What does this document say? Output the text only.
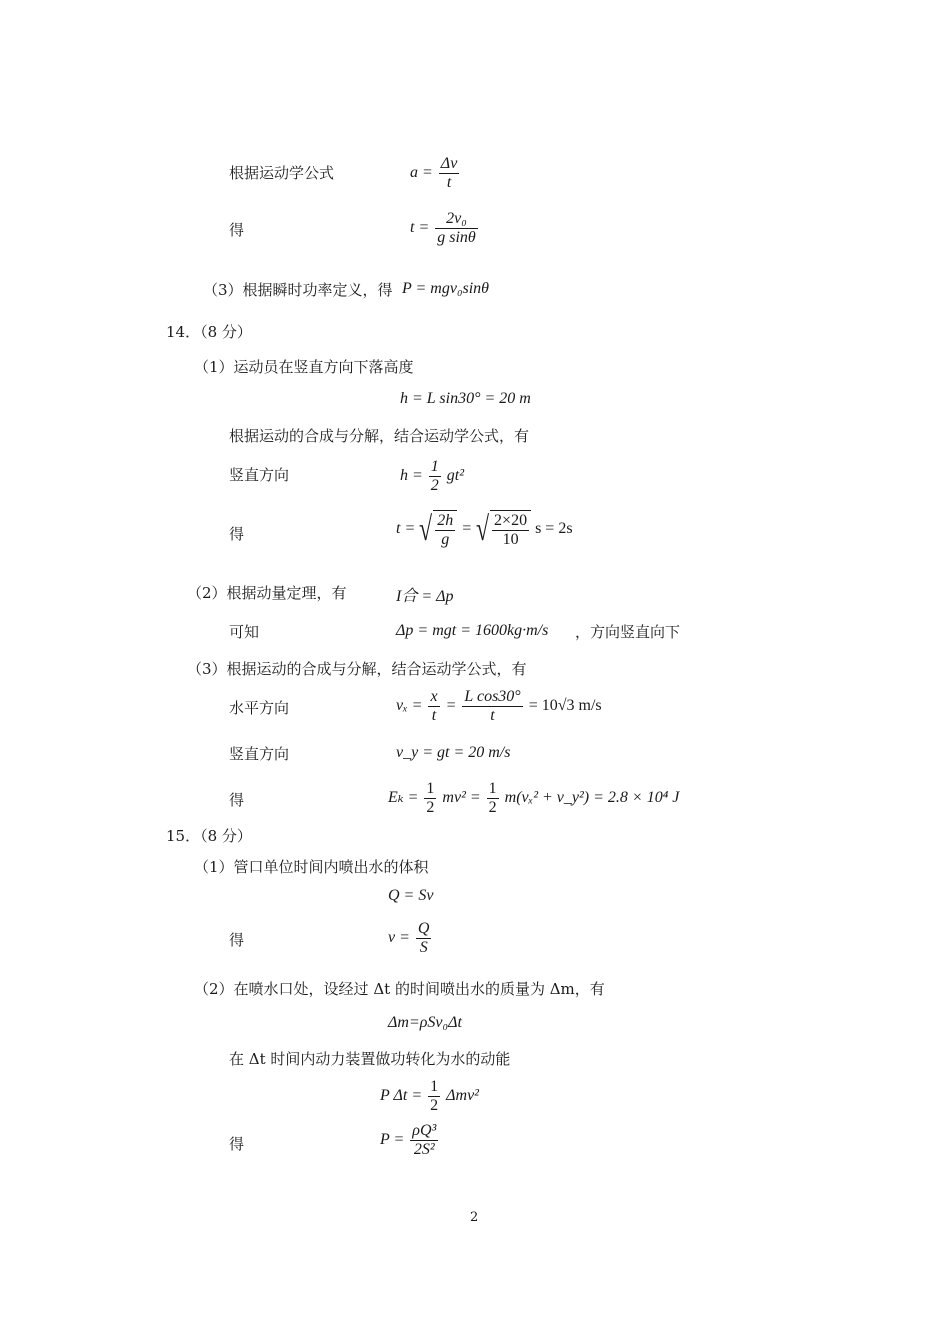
根据运动学公式	$a = \frac{\Delta v}{t}$
得	$t = \frac{\text{2v₀}}{\text{g sinθ}}$
（3）根据瞬时功率定义，得 P = mgv₀sinθ
14．（8 分）
（1）运动员在竖直方向下落高度
h = L sin30° = 20 m
根据运动的合成与分解，结合运动学公式，有
竖直方向	$h = \frac{1}{2} gt^2$
得	t = √ $\frac{2h}{g}$ = √ $\frac{2\times 20}{10}$ s = 2s
（2）根据动量定理，有	I合 = Δp
可知	Δp = mgt = 1600kg·m/s ，方向竖直向下
（3）根据运动的合成与分解，结合运动学公式，有
水平方向	$v_x = \frac{x}{t} = \frac{\text{L cos30°}}{t} = 10√3$ m/s
竖直方向	v_y = gt = 20 m/s
得	$E_k = \frac{1}{2} mv^2 = \frac{1}{2} m(v_x^2$ + v_y²) = 2.8 × 10⁴ J
15．（8 分）
（1）管口单位时间内喷出水的体积
Q = Sv
得	$v = \frac{Q}{S}$
（2）在喷水口处，设经过 Δt 的时间喷出水的质量为 Δm，有
Δm=ρSv₀Δt
在 Δt 时间内动力装置做功转化为水的动能
P $\Delta t = \frac{1}{2} \Delta mv^2$
得	$P = \frac{\text{ρQ³}}{\text{2S²}}$
2
